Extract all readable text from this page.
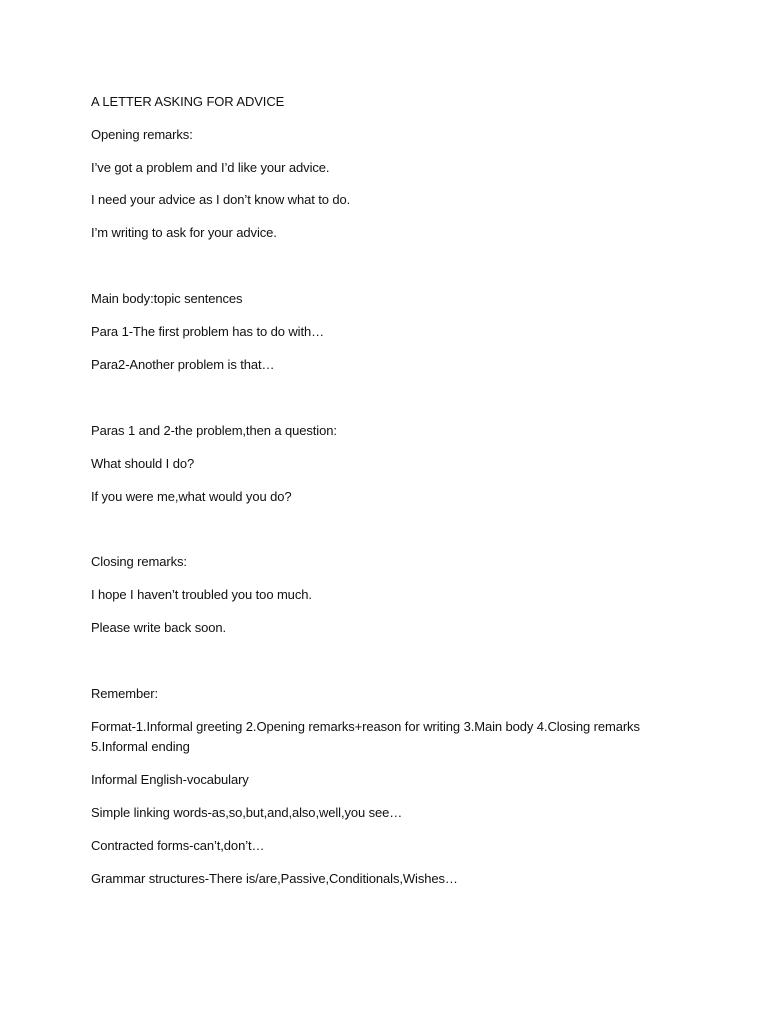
A LETTER ASKING FOR ADVICE
Opening remarks:
I’ve got a problem and I’d like your advice.
I need your advice as I don’t know what to do.
I’m writing to ask for your advice.
Main body:topic sentences
Para 1-The first problem has to do with…
Para2-Another problem is that…
Paras 1 and 2-the problem,then a question:
What should I do?
If you were me,what would you do?
Closing remarks:
I hope I haven’t troubled you too much.
Please write back soon.
Remember:
Format-1.Informal greeting 2.Opening remarks+reason for writing 3.Main body 4.Closing remarks 5.Informal ending
Informal English-vocabulary
Simple linking words-as,so,but,and,also,well,you see…
Contracted forms-can’t,don’t…
Grammar structures-There is/are,Passive,Conditionals,Wishes…
